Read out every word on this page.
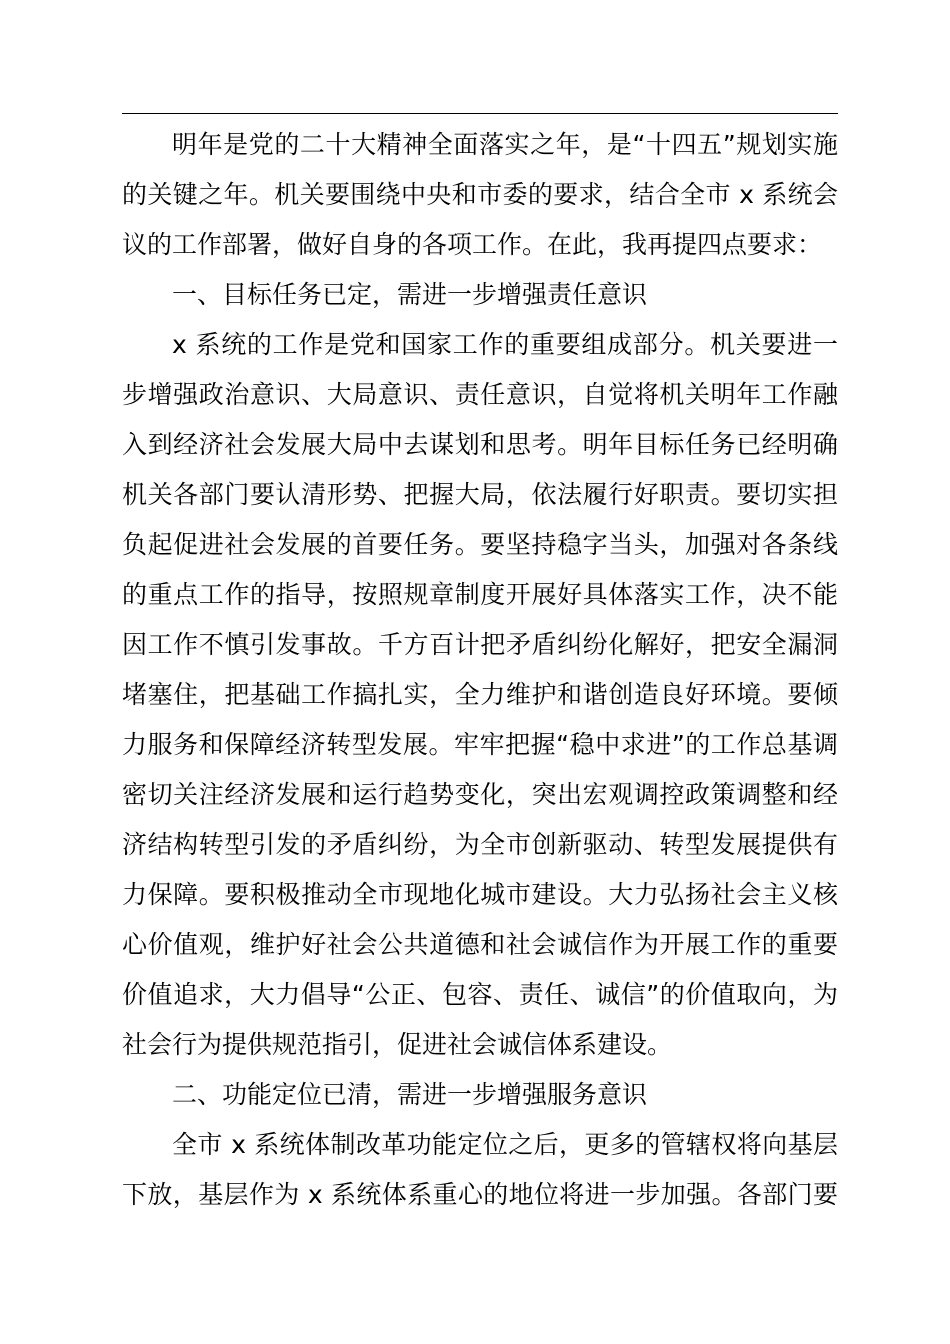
明年是党的二十大精神全面落实之年，是“十四五”规划实施
的关键之年。机关要围绕中央和市委的要求，结合全市 x 系统会
议的工作部署，做好自身的各项工作。在此，我再提四点要求：
一、目标任务已定，需进一步增强责任意识
x 系统的工作是党和国家工作的重要组成部分。机关要进一
步增强政治意识、大局意识、责任意识，自觉将机关明年工作融
入到经济社会发展大局中去谋划和思考。明年目标任务已经明确
机关各部门要认清形势、把握大局，依法履行好职责。要切实担
负起促进社会发展的首要任务。要坚持稳字当头，加强对各条线
的重点工作的指导，按照规章制度开展好具体落实工作，决不能
因工作不慎引发事故。千方百计把矛盾纠纷化解好，把安全漏洞
堵塞住，把基础工作搞扎实，全力维护和谐创造良好环境。要倾
力服务和保障经济转型发展。牢牢把握“稳中求进”的工作总基调
密切关注经济发展和运行趋势变化，突出宏观调控政策调整和经
济结构转型引发的矛盾纠纷，为全市创新驱动、转型发展提供有
力保障。要积极推动全市现地化城市建设。大力弘扬社会主义核
心价值观，维护好社会公共道德和社会诚信作为开展工作的重要
价值追求，大力倡导“公正、包容、责任、诚信”的价值取向，为
社会行为提供规范指引，促进社会诚信体系建设。
二、功能定位已清，需进一步增强服务意识
全市 x 系统体制改革功能定位之后，更多的管辖权将向基层
下放，基层作为 x 系统体系重心的地位将进一步加强。各部门要
